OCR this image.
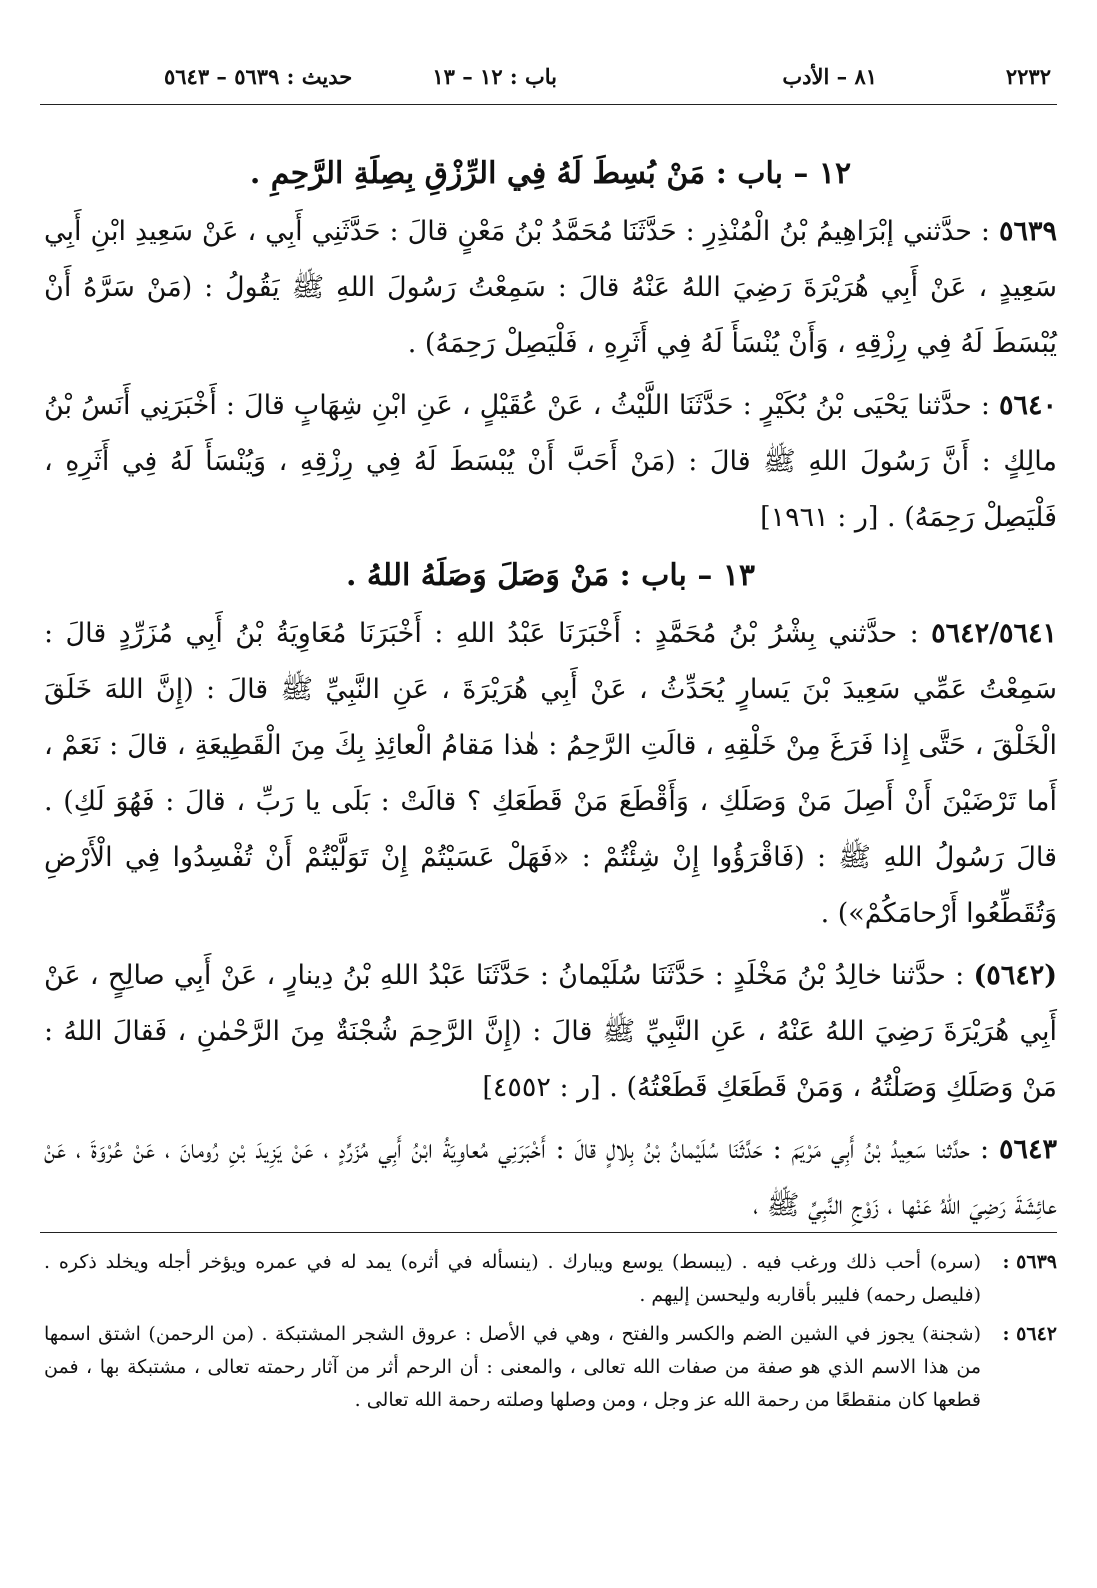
٢٢٣٢
٨١ – الأدب
باب : ١٢ – ١٣
حديث : ٥٦٣٩ – ٥٦٤٣
١٢ – باب : مَنْ بُسِطَ لَهُ فِي الرِّزْقِ بِصِلَةِ الرَّحِمِ .

٥٦٣٩ : حدَّثني إبْرَاهِيمُ بْنُ الْمُنْذِرِ : حَدَّثَنَا مُحَمَّدُ بْنُ مَعْنٍ قالَ : حَدَّثَنِي أَبِي ، عَنْ سَعِيدِ ابْنِ أَبِي سَعِيدٍ ، عَنْ أَبِي هُرَيْرَةَ رَضِيَ اللهُ عَنْهُ قالَ : سَمِعْتُ رَسُولَ اللهِ ﷺ يَقُولُ : (مَنْ سَرَّهُ أَنْ يُبْسَطَ لَهُ فِي رِزْقِهِ ، وَأَنْ يُنْسَأَ لَهُ فِي أَثَرِهِ ، فَلْيَصِلْ رَحِمَهُ) .

٥٦٤٠ : حدَّثنا يَحْيَى بْنُ بُكَيْرٍ : حَدَّثَنَا اللَّيْثُ ، عَنْ عُقَيْلٍ ، عَنِ ابْنِ شِهَابٍ قالَ : أَخْبَرَنِي أَنَسُ بْنُ مالِكٍ : أَنَّ رَسُولَ اللهِ ﷺ قالَ : (مَنْ أَحَبَّ أَنْ يُبْسَطَ لَهُ فِي رِزْقِهِ ، وَيُنْسَأَ لَهُ فِي أَثَرِهِ ، فَلْيَصِلْ رَحِمَهُ) . [ر : ١٩٦١]

١٣ – باب : مَنْ وَصَلَ وَصَلَهُ اللهُ .

٥٦٤٢/٥٦٤١ : حدَّثني بِشْرُ بْنُ مُحَمَّدٍ : أَخْبَرَنَا عَبْدُ اللهِ : أَخْبَرَنَا مُعَاوِيَةُ بْنُ أَبِي مُزَرِّدٍ قالَ : سَمِعْتُ عَمِّي سَعِيدَ بْنَ يَسارٍ يُحَدِّثُ ، عَنْ أَبِي هُرَيْرَةَ ، عَنِ النَّبِيِّ ﷺ قالَ : (إِنَّ اللهَ خَلَقَ الْخَلْقَ ، حَتَّى إِذا فَرَغَ مِنْ خَلْقِهِ ، قالَتِ الرَّحِمُ : هٰذا مَقامُ الْعائِذِ بِكَ مِنَ الْقَطِيعَةِ ، قالَ : نَعَمْ ، أَما تَرْضَيْنَ أَنْ أَصِلَ مَنْ وَصَلَكِ ، وَأَقْطَعَ مَنْ قَطَعَكِ ؟ قالَتْ : بَلَى يا رَبِّ ، قالَ : فَهُوَ لَكِ) . قالَ رَسُولُ اللهِ ﷺ : (فَاقْرَؤُوا إِنْ شِئْتُمْ : «فَهَلْ عَسَيْتُمْ إِنْ تَوَلَّيْتُمْ أَنْ تُفْسِدُوا فِي الْأَرْضِ وَتُقَطِّعُوا أَرْحامَكُمْ») .

(٥٦٤٢) : حدَّثنا خالِدُ بْنُ مَخْلَدٍ : حَدَّثَنَا سُلَيْمانُ : حَدَّثَنَا عَبْدُ اللهِ بْنُ دِينارٍ ، عَنْ أَبِي صالِحٍ ، عَنْ أَبِي هُرَيْرَةَ رَضِيَ اللهُ عَنْهُ ، عَنِ النَّبِيِّ ﷺ قالَ : (إِنَّ الرَّحِمَ شُجْنَةٌ مِنَ الرَّحْمٰنِ ، فَقالَ اللهُ : مَنْ وَصَلَكِ وَصَلْتُهُ ، وَمَنْ قَطَعَكِ قَطَعْتُهُ) . [ر : ٤٥٥٢]

٥٦٤٣ : حدَّثنا سَعِيدُ بْنُ أَبِي مَرْيَمَ : حَدَّثَنَا سُلَيْمانُ بْنُ بِلالٍ قالَ : أَخْبَرَنِي مُعاوِيَةُ ابْنُ أَبِي مُزَرِّدٍ ، عَنْ يَزِيدَ بْنِ رُومانَ ، عَنْ عُرْوَةَ ، عَنْ عائِشَةَ رَضِيَ اللهُ عَنْها ، زَوْجِ النَّبِيِّ ﷺ ،

٥٦٣٩ :
(سره) أحب ذلك ورغب فيه . (يبسط) يوسع ويبارك . (ينسأله في أثره) يمد له في عمره ويؤخر أجله ويخلد ذكره . (فليصل رحمه) فليبر بأقاربه وليحسن إليهم .
٥٦٤٢ :
(شجنة) يجوز في الشين الضم والكسر والفتح ، وهي في الأصل : عروق الشجر المشتبكة . (من الرحمن) اشتق اسمها من هذا الاسم الذي هو صفة من صفات الله تعالى ، والمعنى : أن الرحم أثر من آثار رحمته تعالى ، مشتبكة بها ، فمن قطعها كان منقطعًا من رحمة الله عز وجل ، ومن وصلها وصلته رحمة الله تعالى .
